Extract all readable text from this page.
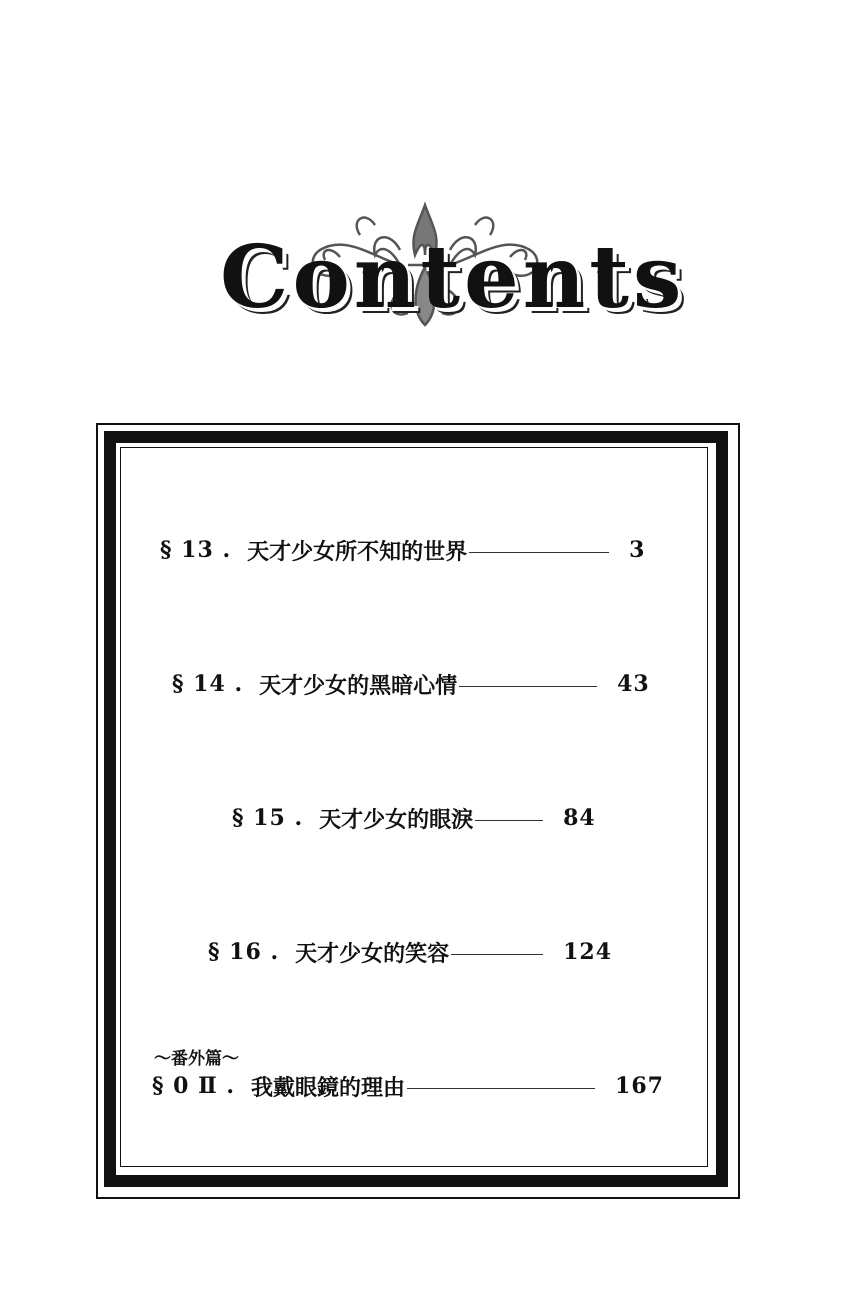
Contents
§ 13 . 天才少女所不知的世界	3
§ 14 . 天才少女的黑暗心情	43
§ 15 . 天才少女的眼淚	84
§ 16 . 天才少女的笑容	124
～番外篇～
§ 0 Ⅱ . 我戴眼鏡的理由	167
